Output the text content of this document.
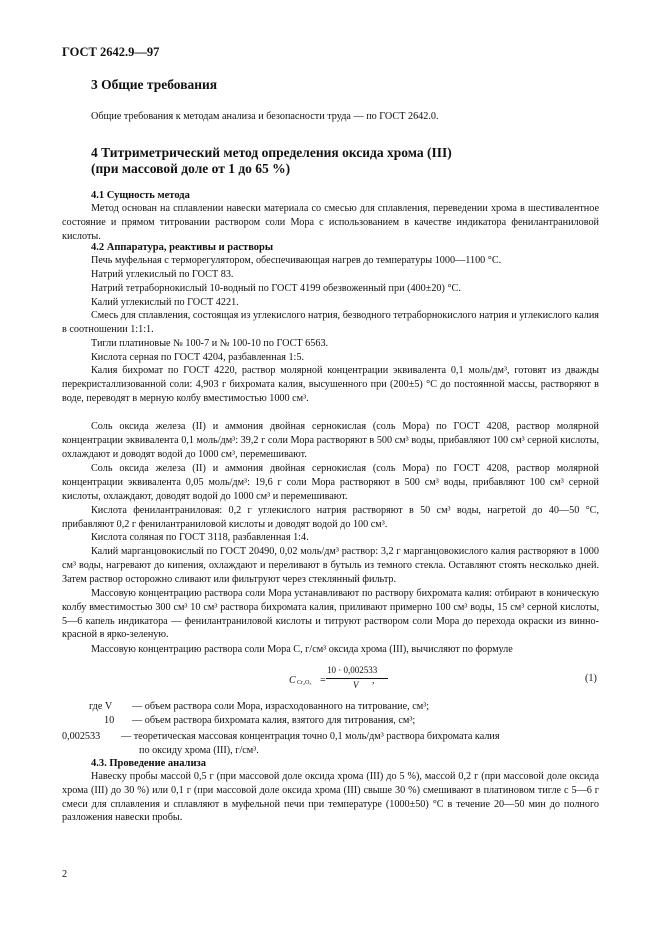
ГОСТ 2642.9—97
3 Общие требования

Общие требования к методам анализа и безопасности труда — по ГОСТ 2642.0.

4 Титриметрический метод определения оксида хрома (III)
(при массовой доле от 1 до 65 %)
4.1 Сущность метода

Метод основан на сплавлении навески материала со смесью для сплавления, переведении хрома в шестивалентное состояние и прямом титровании раствором соли Мора с использованием в качестве индикатора фенилантраниловой кислоты.

4.2 Аппаратура, реактивы и растворы
Печь муфельная с терморегулятором, обеспечивающая нагрев до температуры 1000—1100 °С.
Натрий углекислый по ГОСТ 83.
Натрий тетраборнокислый 10-водный по ГОСТ 4199 обезвоженный при (400±20) °С.
Калий углекислый по ГОСТ 4221.

Смесь для сплавления, состоящая из углекислого натрия, безводного тетраборнокислого натрия и углекислого калия в соотношении 1:1:1.

Тигли платиновые № 100-7 и № 100-10 по ГОСТ 6563.
Кислота серная по ГОСТ 4204, разбавленная 1:5.

Калия бихромат по ГОСТ 4220, раствор молярной концентрации эквивалента 0,1 моль/дм³, готовят из дважды перекристаллизованной соли: 4,903 г бихромата калия, высушенного при (200±5) °С до постоянной массы, растворяют в воде, переводят в мерную колбу вместимостью 1000 см³.

Соль оксида железа (II) и аммония двойная сернокислая (соль Мора) по ГОСТ 4208, раствор молярной концентрации эквивалента 0,1 моль/дм³: 39,2 г соли Мора растворяют в 500 см³ воды, прибавляют 100 см³ серной кислоты, охлаждают и доводят водой до 1000 см³, перемешивают.

Соль оксида железа (II) и аммония двойная сернокислая (соль Мора) по ГОСТ 4208, раствор молярной концентрации эквивалента 0,05 моль/дм³: 19,6 г соли Мора растворяют в 500 см³ воды, прибавляют 100 см³ серной кислоты, охлаждают, доводят водой до 1000 см³ и перемешивают.

Кислота фенилантраниловая: 0,2 г углекислого натрия растворяют в 50 см³ воды, нагретой до 40—50 °С, прибавляют 0,2 г фенилантраниловой кислоты и доводят водой до 100 см³.

Кислота соляная по ГОСТ 3118, разбавленная 1:4.

Калий марганцовокислый по ГОСТ 20490, 0,02 моль/дм³ раствор: 3,2 г марганцовокислого калия растворяют в 1000 см³ воды, нагревают до кипения, охлаждают и переливают в бутыль из темного стекла. Оставляют стоять несколько дней. Затем раствор осторожно сливают или фильтруют через стеклянный фильтр.

Массовую концентрацию раствора соли Мора устанавливают по раствору бихромата калия: отбирают в коническую колбу вместимостью 300 см³ 10 см³ раствора бихромата калия, приливают примерно 100 см³ воды, 15 см³ серной кислоты, 5—6 капель индикатора — фенилантраниловой кислоты и титруют раствором соли Мора до перехода окраски из винно-красной в ярко-зеленую.

Массовую концентрацию раствора соли Мора C, г/см³ оксида хрома (III), вычисляют по формуле

C Cr₂O₃ =
10 · 0,002533
V ,	(1)
где V — объем раствора соли Мора, израсходованного на титрование, см³;
10 — объем раствора бихромата калия, взятого для титрования, см³;
0,002533 — теоретическая массовая концентрация точно 0,1 моль/дм³ раствора бихромата калия
по оксиду хрома (III), г/см³.
4.3. Проведение анализа

Навеску пробы массой 0,5 г (при массовой доле оксида хрома (III) до 5 %), массой 0,2 г (при массовой доле оксида хрома (III) до 30 %) или 0,1 г (при массовой доле оксида хрома (III) свыше 30 %) смешивают в платиновом тигле с 5—6 г смеси для сплавления и сплавляют в муфельной печи при температуре (1000±50) °С в течение 20—50 мин до полного разложения навески пробы.

2
